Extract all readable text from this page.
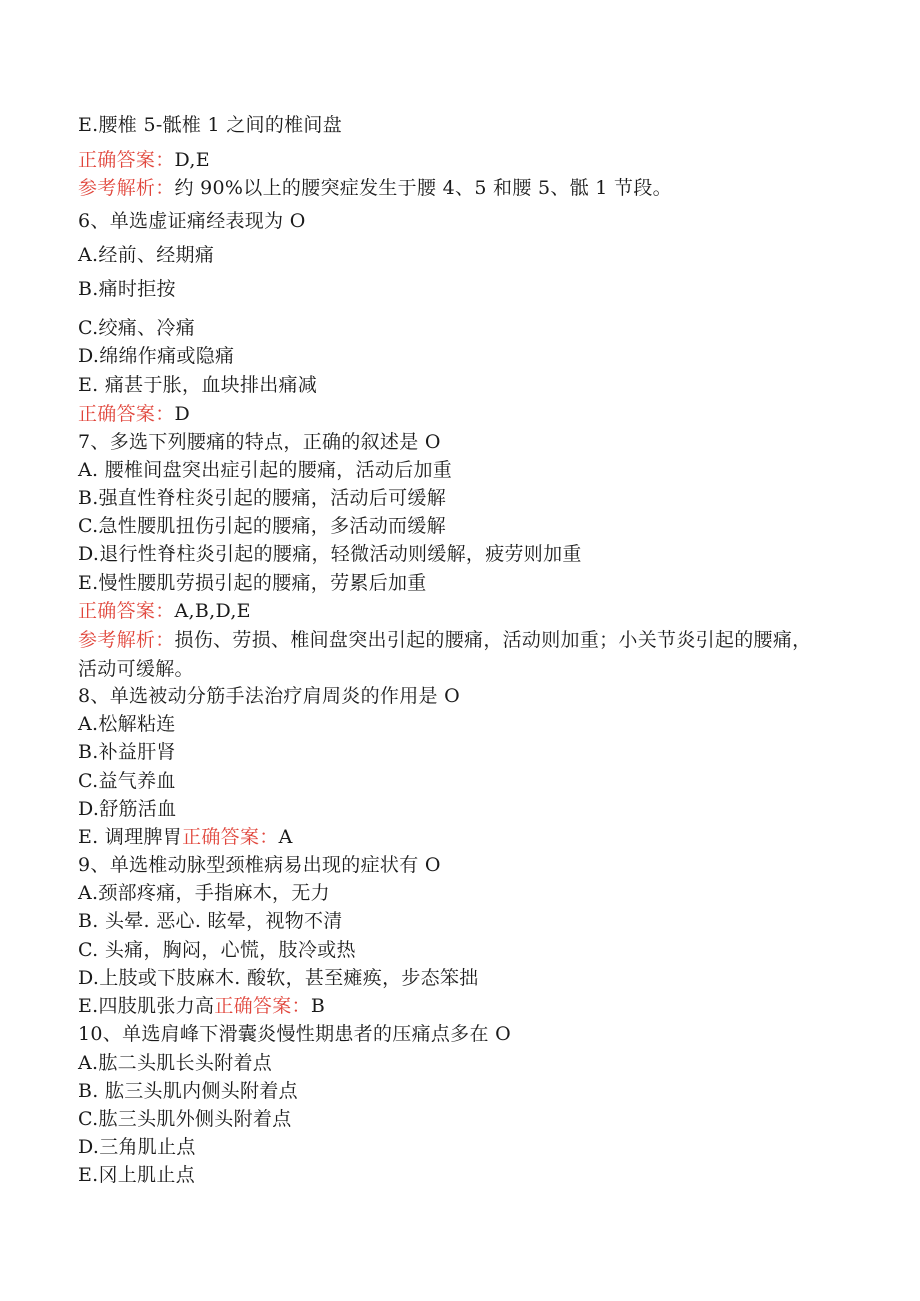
E.腰椎 5-骶椎 1 之间的椎间盘
正确答案：D,E
参考解析：约 90%以上的腰突症发生于腰 4、5 和腰 5、骶 1 节段。
6、单选虚证痛经表现为 O
A.经前、经期痛
B.痛时拒按
C.绞痛、冷痛
D.绵绵作痛或隐痛
E. 痛甚于胀，血块排出痛减
正确答案：D
7、多选下列腰痛的特点，正确的叙述是 O
A. 腰椎间盘突出症引起的腰痛，活动后加重
B.强直性脊柱炎引起的腰痛，活动后可缓解
C.急性腰肌扭伤引起的腰痛，多活动而缓解
D.退行性脊柱炎引起的腰痛，轻微活动则缓解，疲劳则加重
E.慢性腰肌劳损引起的腰痛，劳累后加重
正确答案：A,B,D,E
参考解析：损伤、劳损、椎间盘突出引起的腰痛，活动则加重；小关节炎引起的腰痛，活动可缓解。
8、单选被动分筋手法治疗肩周炎的作用是 O
A.松解粘连
B.补益肝肾
C.益气养血
D.舒筋活血
E. 调理脾胃正确答案：A
9、单选椎动脉型颈椎病易出现的症状有 O
A.颈部疼痛，手指麻木，无力
B. 头晕. 恶心. 眩晕，视物不清
C. 头痛，胸闷，心慌，肢冷或热
D.上肢或下肢麻木. 酸软，甚至瘫痪，步态笨拙
E.四肢肌张力高正确答案：B
10、单选肩峰下滑囊炎慢性期患者的压痛点多在 O
A.肱二头肌长头附着点
B. 肱三头肌内侧头附着点
C.肱三头肌外侧头附着点
D.三角肌止点
E.冈上肌止点
